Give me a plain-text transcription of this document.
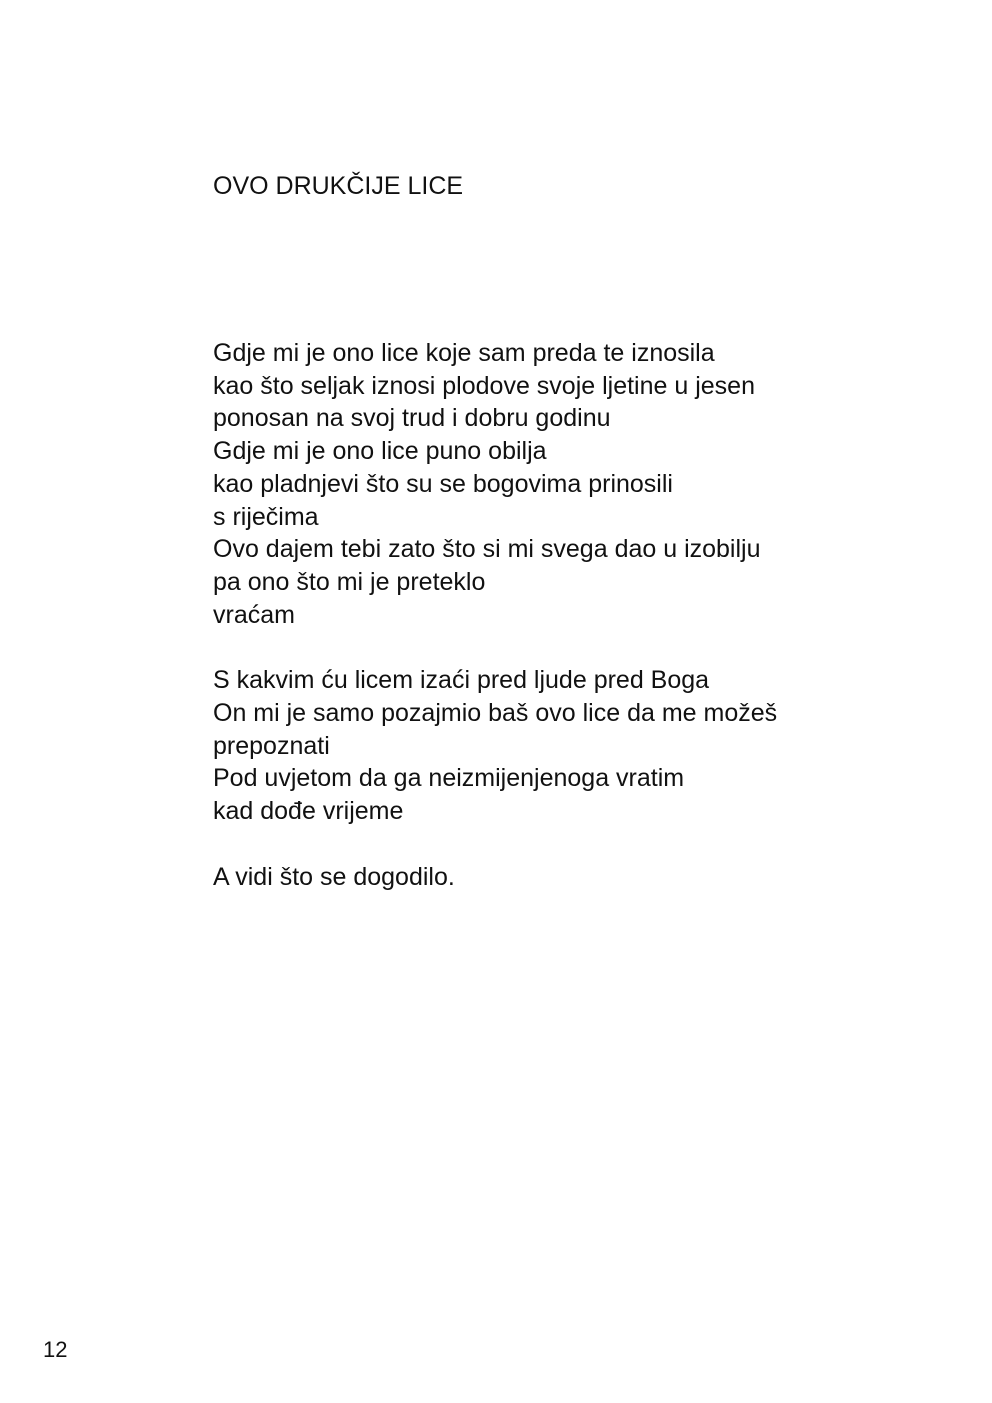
OVO DRUKČIJE LICE
Gdje mi je ono lice koje sam preda te iznosila
kao što seljak iznosi plodove svoje ljetine u jesen
ponosan na svoj trud i dobru godinu
Gdje mi je ono lice puno obilja
kao pladnjevi što su se bogovima prinosili
s riječima
Ovo dajem tebi zato što si mi svega dao u izobilju
pa ono što mi je preteklo
vraćam
S kakvim ću licem izaći pred ljude pred Boga
On mi je samo pozajmio baš ovo lice da me možeš
prepoznati
Pod uvjetom da ga neizmijenjenoga vratim
kad dođe vrijeme
A vidi što se dogodilo.
12
